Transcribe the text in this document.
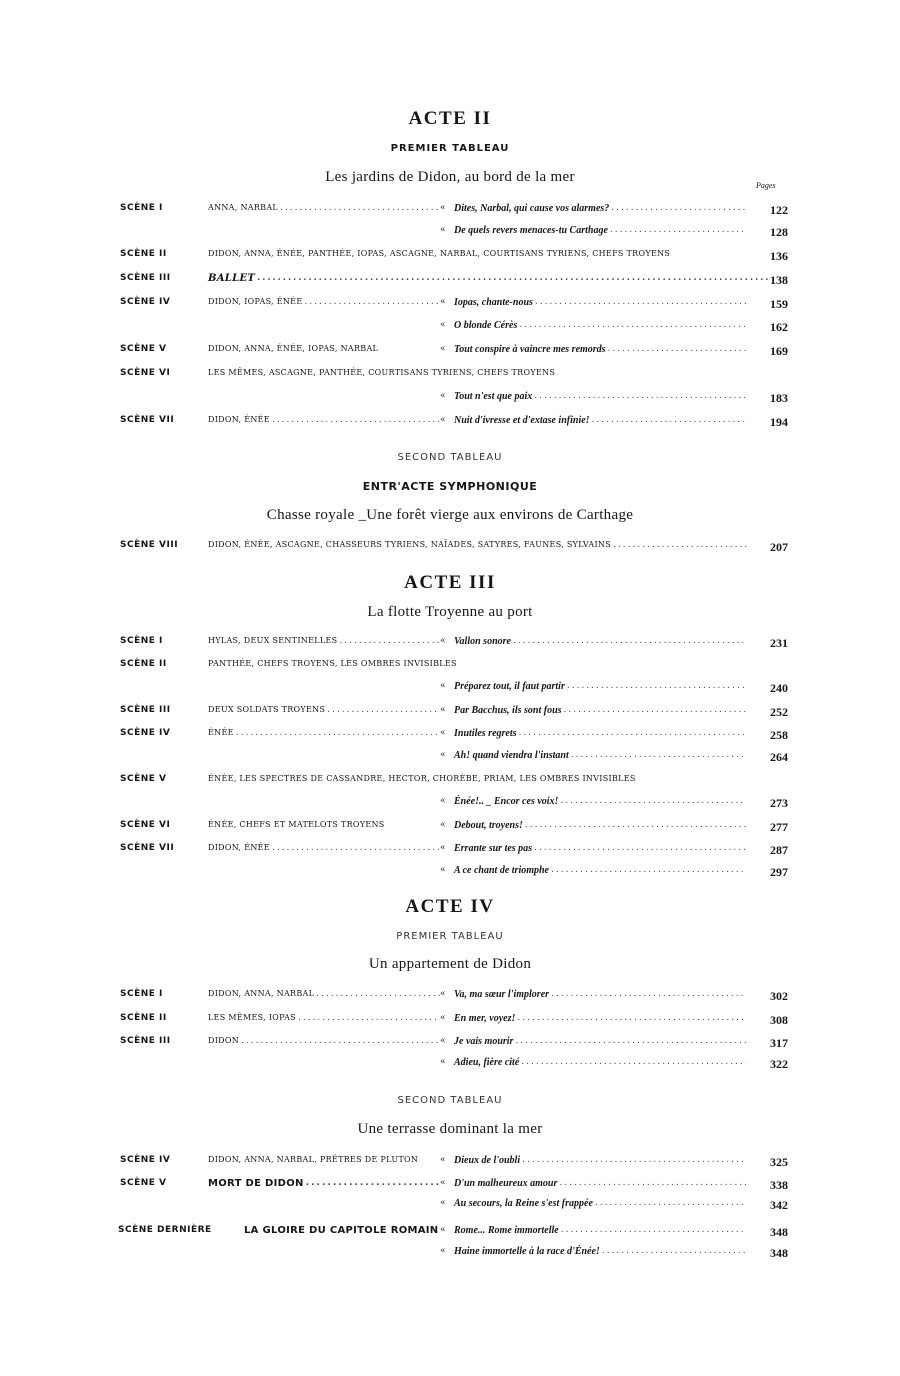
ACTE II
PREMIER TABLEAU
Les jardins de Didon, au bord de la mer
Pages
SCÈNE I	ANNA, NARBAL .....	« Dites, Narbal, qui cause vos alarmes? .....	122
« De quels revers menaces-tu Carthage .....	128
SCÈNE II	DIDON, ANNA, ÉNÉE, PANTHÉE, IOPAS, ASCAGNE, NARBAL, COURTISANS TYRIENS, CHEFS TROYENS	136
SCÈNE III	BALLET .....	138
SCÈNE IV	DIDON, IOPAS, ÉNÉE .....	« Iopas, chante-nous .....	159
« O blonde Cérès .....	162
SCÈNE V	DIDON, ANNA, ÉNÉE, IOPAS, NARBAL	« Tout conspire à vaincre mes remords .....	169
SCÈNE VI	LES MÊMES, ASCAGNE, PANTHÉE, COURTISANS TYRIENS, CHEFS TROYENS
« Tout n'est que paix .....	183
SCÈNE VII	DIDON, ÉNÉE .....	« Nuit d'ivresse et d'extase infinie! .....	194
SECOND TABLEAU
ENTR'ACTE SYMPHONIQUE
Chasse royale _Une forêt vierge aux environs de Carthage
SCÈNE VIII	DIDON, ÉNÉE, ASCAGNE, CHASSEURS TYRIENS, NAÏADES, SATYRES, FAUNES, SYLVAINS .....	207
ACTE III
La flotte Troyenne au port
SCÈNE I	HYLAS, DEUX SENTINELLES .....	« Vallon sonore .....	231
SCÈNE II	PANTHÉE, CHEFS TROYENS, LES OMBRES INVISIBLES
« Préparez tout, il faut partir .....	240
SCÈNE III	DEUX SOLDATS TROYENS .....	« Par Bacchus, ils sont fous .....	252
SCÈNE IV	ÉNÉE .....	« Inutiles regrets .....	258
« Ah! quand viendra l'instant .....	264
SCÈNE V	ÉNÉE, LES SPECTRES DE CASSANDRE, HECTOR, CHORÈBE, PRIAM, LES OMBRES INVISIBLES
« Énée!.. _ Encor ces voix! .....	273
SCÈNE VI	ÉNÉE, CHEFS ET MATELOTS TROYENS	« Debout, troyens! .....	277
SCÈNE VII	DIDON, ÉNÉE .....	« Errante sur tes pas .....	287
« A ce chant de triomphe .....	297
ACTE IV
PREMIER TABLEAU
Un appartement de Didon
SCÈNE I	DIDON, ANNA, NARBAL .....	« Va, ma sœur l'implorer .....	302
SCÈNE II	LES MÊMES, IOPAS .....	« En mer, voyez! .....	308
SCÈNE III	DIDON .....	« Je vais mourir .....	317
« Adieu, fière cité .....	322
SECOND TABLEAU
Une terrasse dominant la mer
SCÈNE IV	DIDON, ANNA, NARBAL, PRÊTRES DE PLUTON	« Dieux de l'oubli .....	325
SCÈNE V	MORT DE DIDON .....	« D'un malheureux amour .....	338
« Au secours, la Reine s'est frappée .....	342
SCÈNE DERNIÈRE	LA GLOIRE DU CAPITOLE ROMAIN « Rome... Rome immortelle .....	348
« Haine immortelle à la race d'Énée! .....	348
